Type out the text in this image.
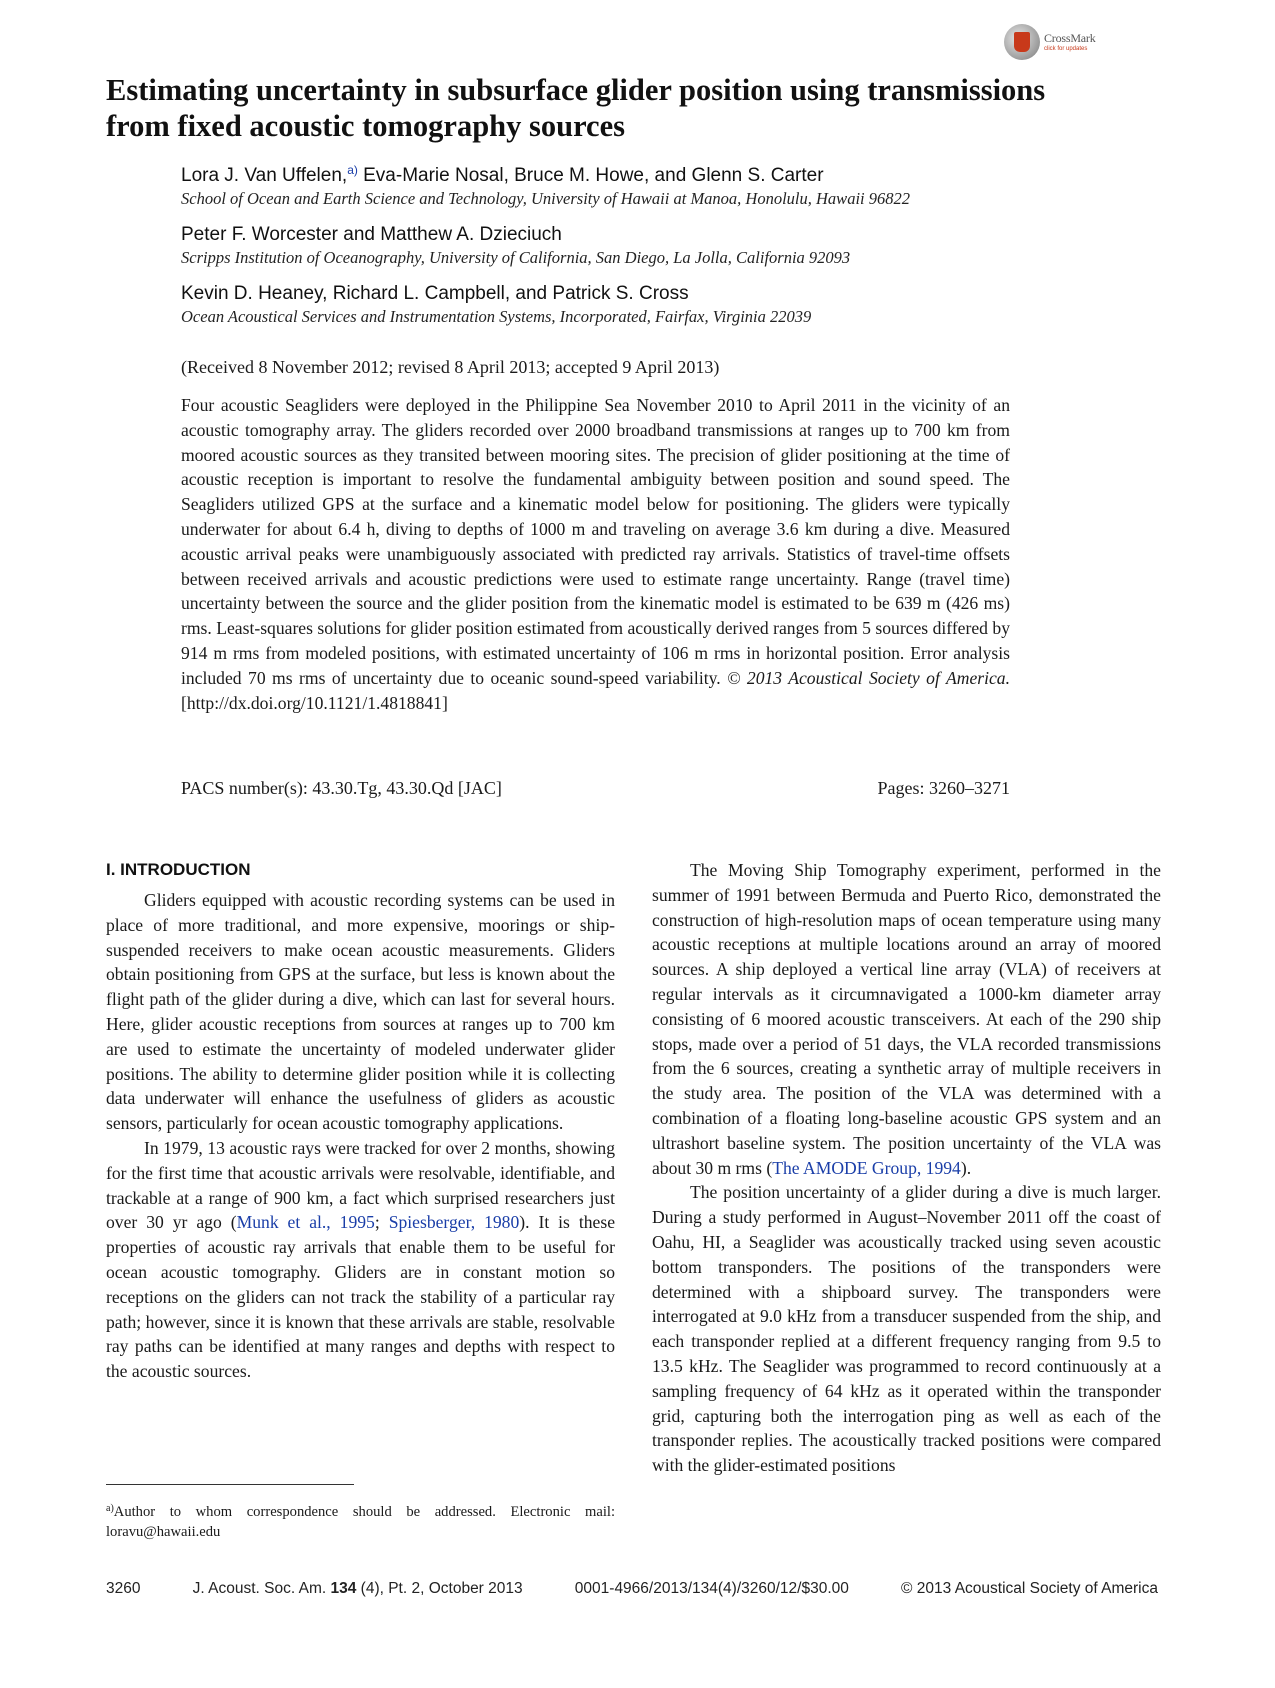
CrossMark
click for updates
Estimating uncertainty in subsurface glider position using transmissions from fixed acoustic tomography sources
Lora J. Van Uffelen,$^{a)}$ Eva-Marie Nosal, Bruce M. Howe, and Glenn S. Carter
School of Ocean and Earth Science and Technology, University of Hawaii at Manoa, Honolulu, Hawaii 96822
Peter F. Worcester and Matthew A. Dzieciuch
Scripps Institution of Oceanography, University of California, San Diego, La Jolla, California 92093
Kevin D. Heaney, Richard L. Campbell, and Patrick S. Cross
Ocean Acoustical Services and Instrumentation Systems, Incorporated, Fairfax, Virginia 22039
(Received 8 November 2012; revised 8 April 2013; accepted 9 April 2013)

Four acoustic Seagliders were deployed in the Philippine Sea November 2010 to April 2011 in the vicinity of an acoustic tomography array. The gliders recorded over 2000 broadband transmissions at ranges up to 700 km from moored acoustic sources as they transited between mooring sites. The precision of glider positioning at the time of acoustic reception is important to resolve the fundamental ambiguity between position and sound speed. The Seagliders utilized GPS at the surface and a kinematic model below for positioning. The gliders were typically underwater for about 6.4 h, diving to depths of 1000 m and traveling on average 3.6 km during a dive. Measured acoustic arrival peaks were unambiguously associated with predicted ray arrivals. Statistics of travel-time offsets between received arrivals and acoustic predictions were used to estimate range uncertainty. Range (travel time) uncertainty between the source and the glider position from the kinematic model is estimated to be 639 m (426 ms) rms. Least-squares solutions for glider position estimated from acoustically derived ranges from 5 sources differed by 914 m rms from modeled positions, with estimated uncertainty of 106 m rms in horizontal position. Error analysis included 70 ms rms of uncertainty due to oceanic sound-speed variability. © 2013 Acoustical Society of America. [http://dx.doi.org/10.1121/1.4818841]

PACS number(s): 43.30.Tg, 43.30.Qd [JAC]	Pages: 3260–3271
I. INTRODUCTION

Gliders equipped with acoustic recording systems can be used in place of more traditional, and more expensive, moorings or ship-suspended receivers to make ocean acoustic measurements. Gliders obtain positioning from GPS at the surface, but less is known about the flight path of the glider during a dive, which can last for several hours. Here, glider acoustic receptions from sources at ranges up to 700 km are used to estimate the uncertainty of modeled underwater glider positions. The ability to determine glider position while it is collecting data underwater will enhance the usefulness of gliders as acoustic sensors, particularly for ocean acoustic tomography applications.

In 1979, 13 acoustic rays were tracked for over 2 months, showing for the first time that acoustic arrivals were resolvable, identifiable, and trackable at a range of 900 km, a fact which surprised researchers just over 30 yr ago (Munk et al., 1995; Spiesberger, 1980). It is these properties of acoustic ray arrivals that enable them to be useful for ocean acoustic tomography. Gliders are in constant motion so receptions on the gliders can not track the stability of a particular ray path; however, since it is known that these arrivals are stable, resolvable ray paths can be identified at many ranges and depths with respect to the acoustic sources.

The Moving Ship Tomography experiment, performed in the summer of 1991 between Bermuda and Puerto Rico, demonstrated the construction of high-resolution maps of ocean temperature using many acoustic receptions at multiple locations around an array of moored sources. A ship deployed a vertical line array (VLA) of receivers at regular intervals as it circumnavigated a 1000-km diameter array consisting of 6 moored acoustic transceivers. At each of the 290 ship stops, made over a period of 51 days, the VLA recorded transmissions from the 6 sources, creating a synthetic array of multiple receivers in the study area. The position of the VLA was determined with a combination of a floating long-baseline acoustic GPS system and an ultrashort baseline system. The position uncertainty of the VLA was about 30 m rms (The AMODE Group, 1994).

The position uncertainty of a glider during a dive is much larger. During a study performed in August–November 2011 off the coast of Oahu, HI, a Seaglider was acoustically tracked using seven acoustic bottom transponders. The positions of the transponders were determined with a shipboard survey. The transponders were interrogated at 9.0 kHz from a transducer suspended from the ship, and each transponder replied at a different frequency ranging from 9.5 to 13.5 kHz. The Seaglider was programmed to record continuously at a sampling frequency of 64 kHz as it operated within the transponder grid, capturing both the interrogation ping as well as each of the transponder replies. The acoustically tracked positions were compared with the glider-estimated positions

$^{a)}$Author to whom correspondence should be addressed. Electronic mail: loravu@hawaii.edu

3260	J. Acoust. Soc. Am. 134 (4), Pt. 2, October 2013	0001-4966/2013/134(4)/3260/12/$30.00	© 2013 Acoustical Society of America
